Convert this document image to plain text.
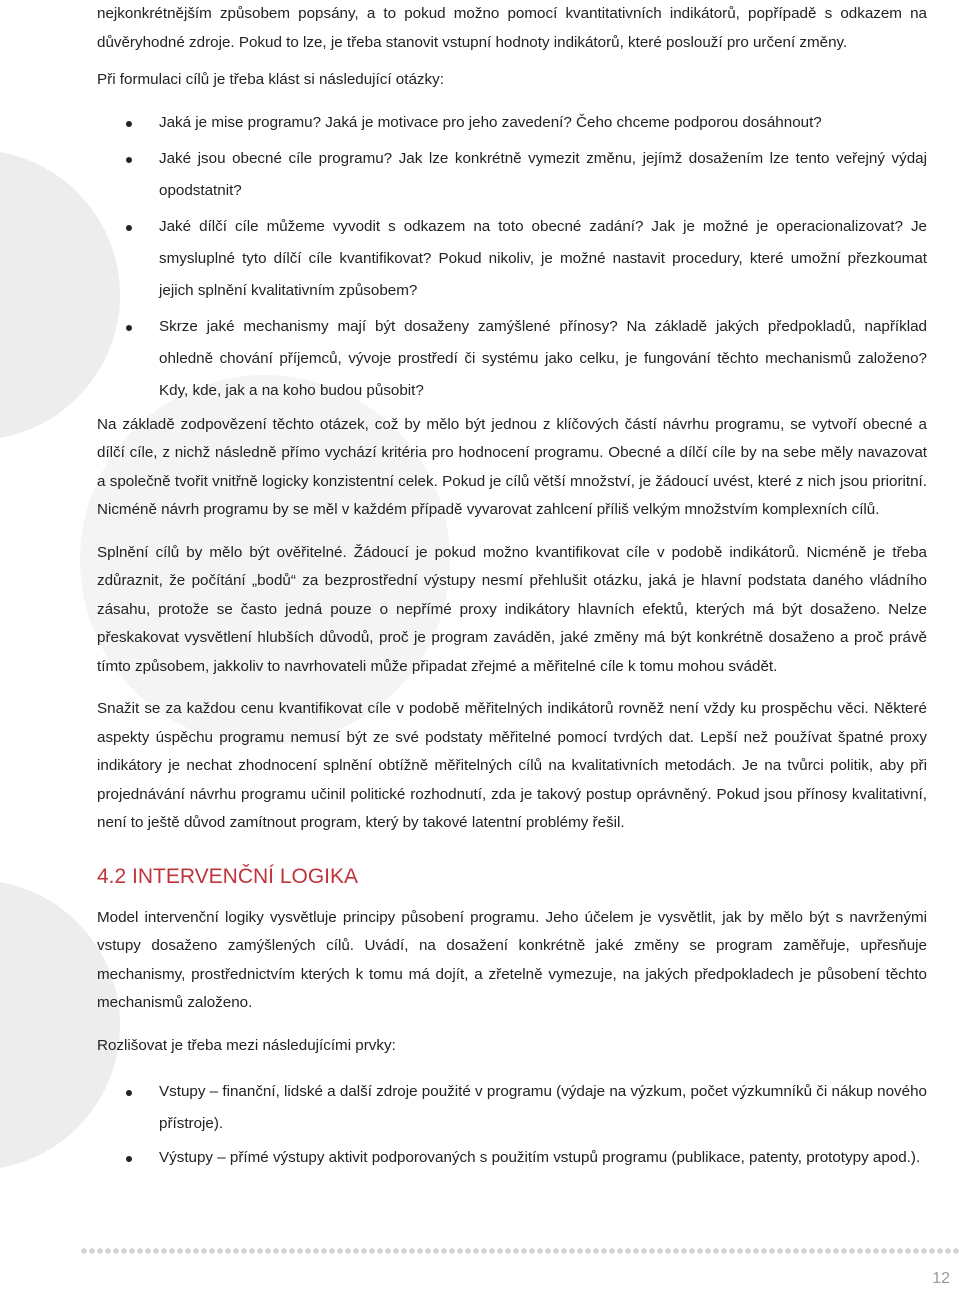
nejkonkrétnějším způsobem popsány, a to pokud možno pomocí kvantitativních indikátorů, popřípadě s odkazem na důvěryhodné zdroje. Pokud to lze, je třeba stanovit vstupní hodnoty indikátorů, které poslouží pro určení změny.

Při formulaci cílů je třeba klást si následující otázky:

Jaká je mise programu? Jaká je motivace pro jeho zavedení? Čeho chceme podporou dosáhnout?
Jaké jsou obecné cíle programu? Jak lze konkrétně vymezit změnu, jejímž dosažením lze tento veřejný výdaj opodstatnit?
Jaké dílčí cíle můžeme vyvodit s odkazem na toto obecné zadání? Jak je možné je operacionalizovat? Je smysluplné tyto dílčí cíle kvantifikovat? Pokud nikoliv, je možné nastavit procedury, které umožní přezkoumat jejich splnění kvalitativním způsobem?
Skrze jaké mechanismy mají být dosaženy zamýšlené přínosy? Na základě jakých předpokladů, například ohledně chování příjemců, vývoje prostředí či systému jako celku, je fungování těchto mechanismů založeno? Kdy, kde, jak a na koho budou působit?

Na základě zodpovězení těchto otázek, což by mělo být jednou z klíčových částí návrhu programu, se vytvoří obecné a dílčí cíle, z nichž následně přímo vychází kritéria pro hodnocení programu. Obecné a dílčí cíle by na sebe měly navazovat a společně tvořit vnitřně logicky konzistentní celek. Pokud je cílů větší množství, je žádoucí uvést, které z nich jsou prioritní. Nicméně návrh programu by se měl v každém případě vyvarovat zahlcení příliš velkým množstvím komplexních cílů.

Splnění cílů by mělo být ověřitelné. Žádoucí je pokud možno kvantifikovat cíle v podobě indikátorů. Nicméně je třeba zdůraznit, že počítání „bodů“ za bezprostřední výstupy nesmí přehlušit otázku, jaká je hlavní podstata daného vládního zásahu, protože se často jedná pouze o nepřímé proxy indikátory hlavních efektů, kterých má být dosaženo. Nelze přeskakovat vysvětlení hlubších důvodů, proč je program zaváděn, jaké změny má být konkrétně dosaženo a proč právě tímto způsobem, jakkoliv to navrhovateli může připadat zřejmé a měřitelné cíle k tomu mohou svádět.

Snažit se za každou cenu kvantifikovat cíle v podobě měřitelných indikátorů rovněž není vždy ku prospěchu věci. Některé aspekty úspěchu programu nemusí být ze své podstaty měřitelné pomocí tvrdých dat. Lepší než používat špatné proxy indikátory je nechat zhodnocení splnění obtížně měřitelných cílů na kvalitativních metodách. Je na tvůrci politik, aby při projednávání návrhu programu učinil politické rozhodnutí, zda je takový postup oprávněný. Pokud jsou přínosy kvalitativní, není to ještě důvod zamítnout program, který by takové latentní problémy řešil.

4.2 INTERVENČNÍ LOGIKA

Model intervenční logiky vysvětluje principy působení programu. Jeho účelem je vysvětlit, jak by mělo být s navrženými vstupy dosaženo zamýšlených cílů. Uvádí, na dosažení konkrétně jaké změny se program zaměřuje, upřesňuje mechanismy, prostřednictvím kterých k tomu má dojít, a zřetelně vymezuje, na jakých předpokladech je působení těchto mechanismů založeno.

Rozlišovat je třeba mezi následujícími prvky:

Vstupy – finanční, lidské a další zdroje použité v programu (výdaje na výzkum, počet výzkumníků či nákup nového přístroje).
Výstupy – přímé výstupy aktivit podporovaných s použitím vstupů programu (publikace, patenty, prototypy apod.).
12
